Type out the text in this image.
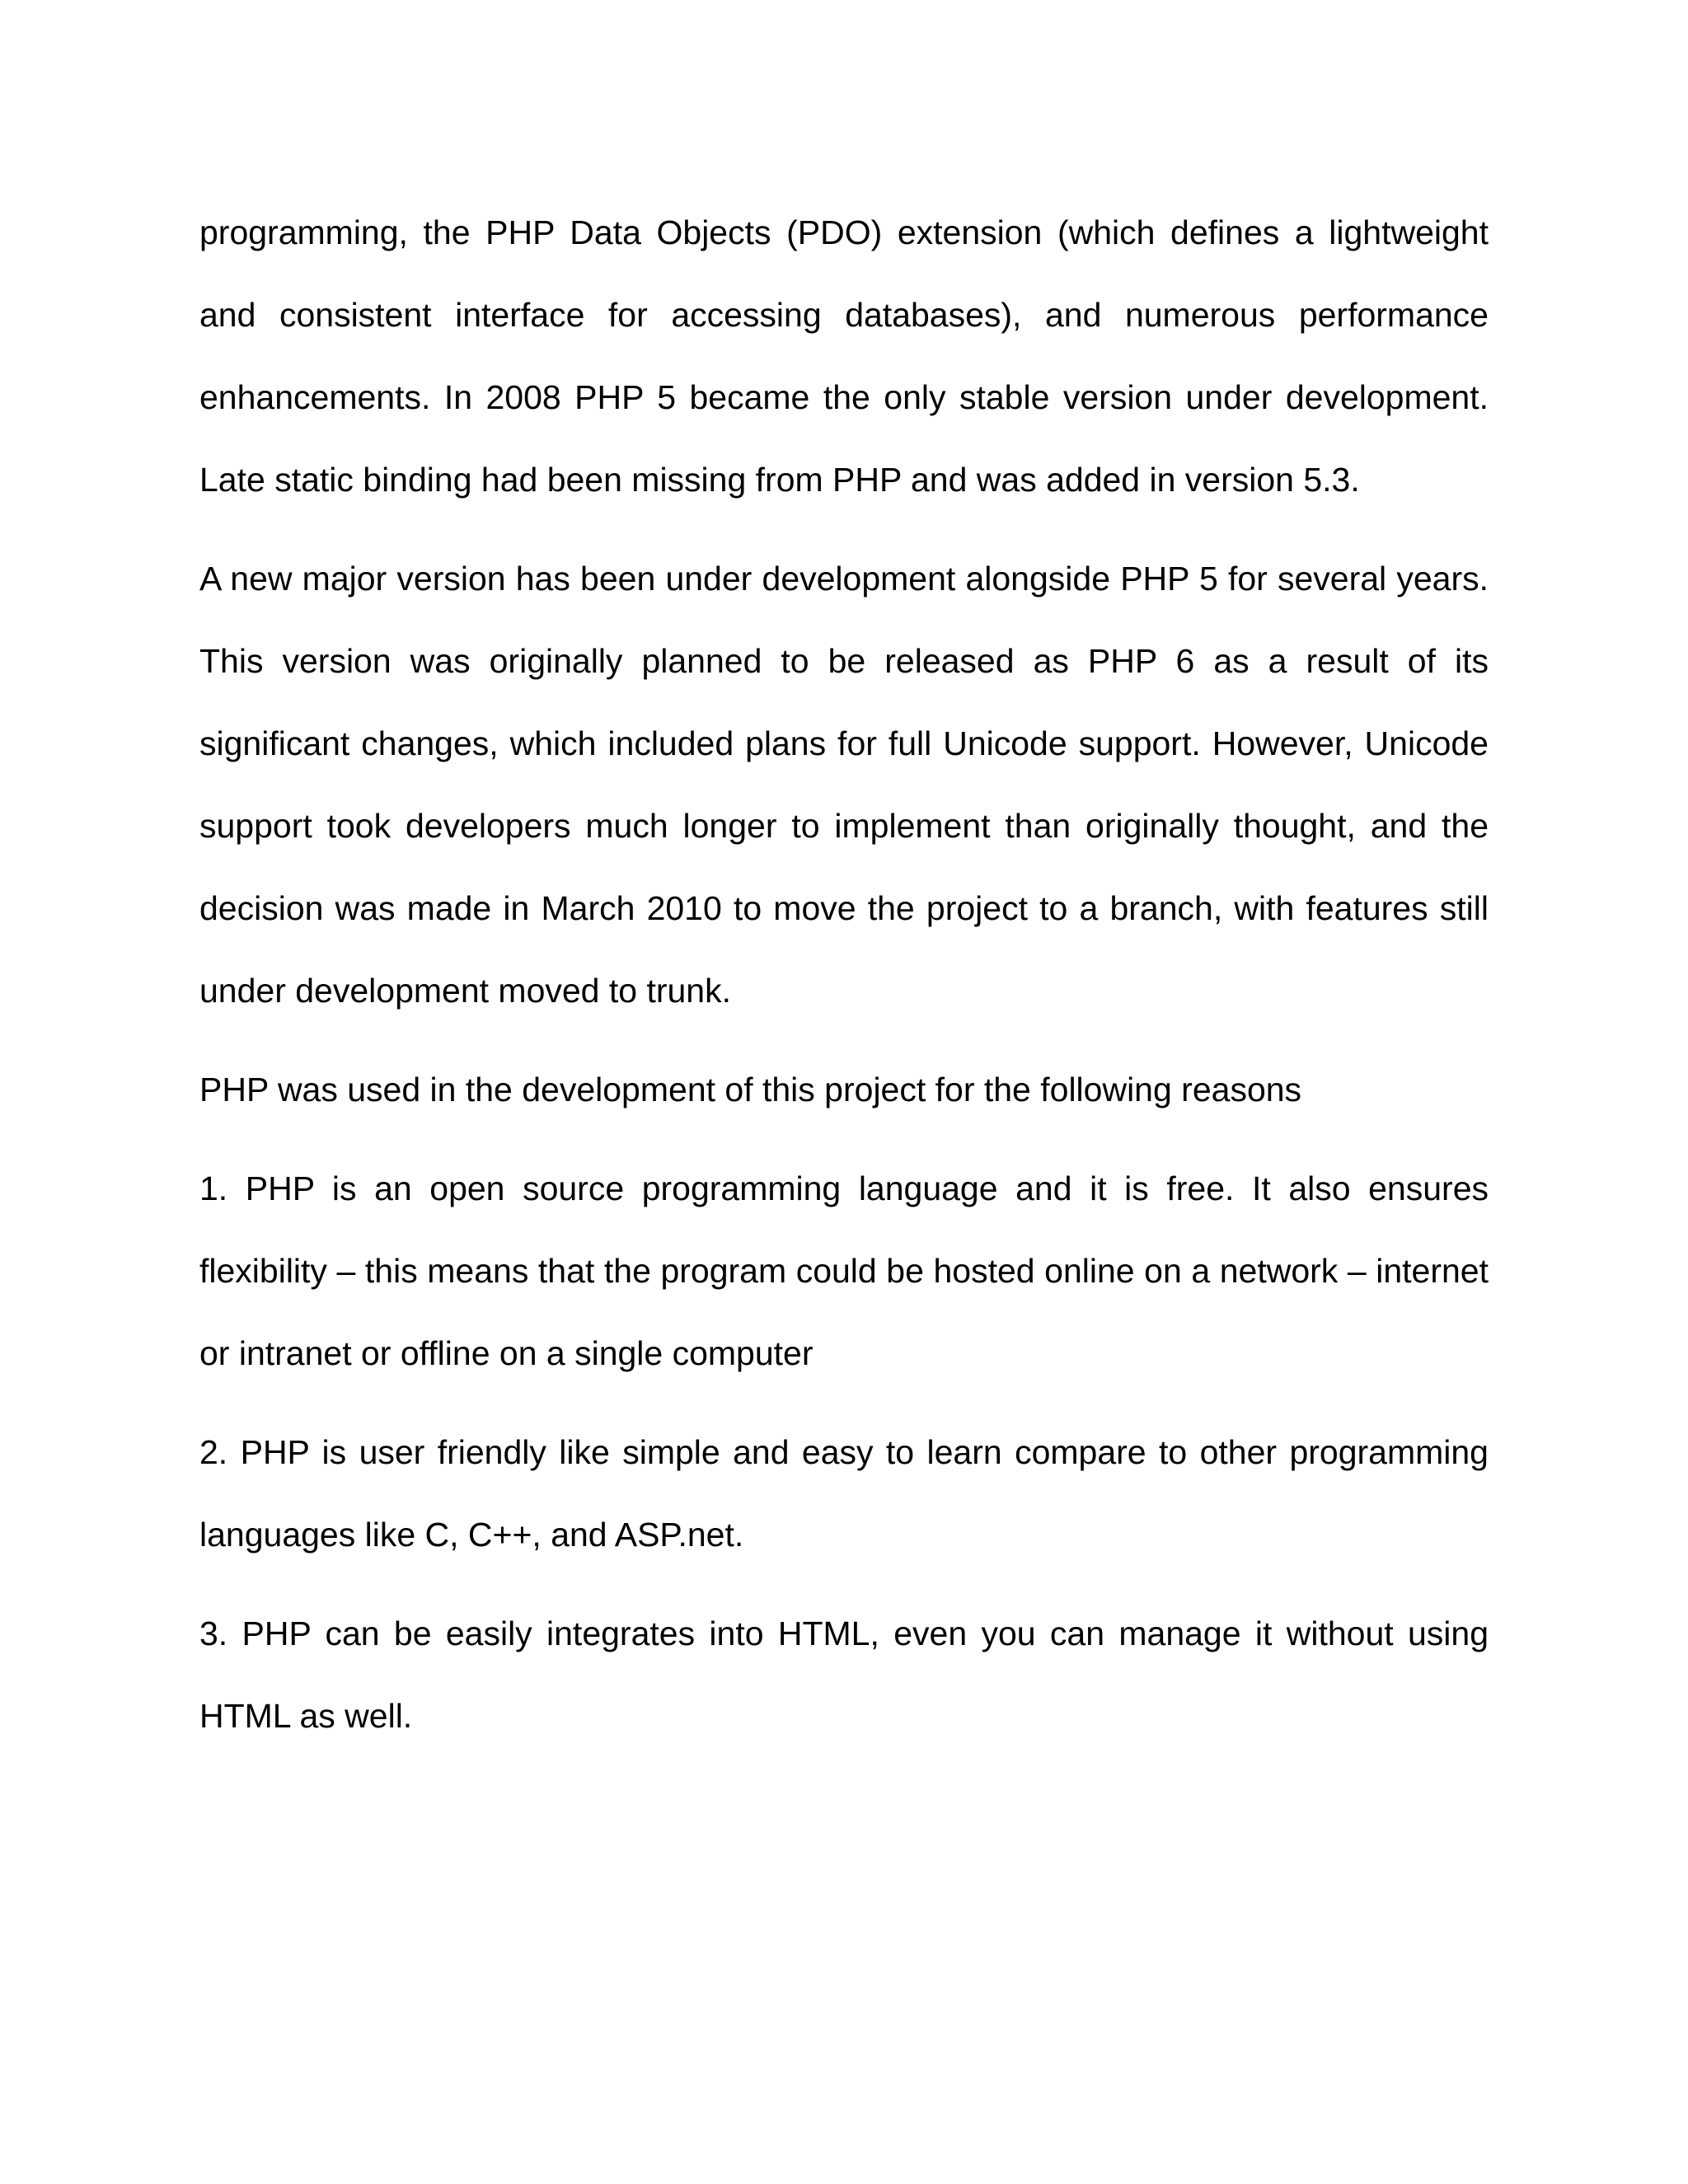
programming, the PHP Data Objects (PDO) extension (which defines a lightweight and consistent interface for accessing databases), and numerous performance enhancements. In 2008 PHP 5 became the only stable version under development. Late static binding had been missing from PHP and was added in version 5.3.

A new major version has been under development alongside PHP 5 for several years. This version was originally planned to be released as PHP 6 as a result of its significant changes, which included plans for full Unicode support. However, Unicode support took developers much longer to implement than originally thought, and the decision was made in March 2010 to move the project to a branch, with features still under development moved to trunk.

PHP was used in the development of this project for the following reasons

1. PHP is an open source programming language and it is free. It also ensures flexibility – this means that the program could be hosted online on a network – internet or intranet or offline on a single computer

2. PHP is user friendly like simple and easy to learn compare to other programming languages like C, C++, and ASP.net.

3. PHP can be easily integrates into HTML, even you can manage it without using HTML as well.
